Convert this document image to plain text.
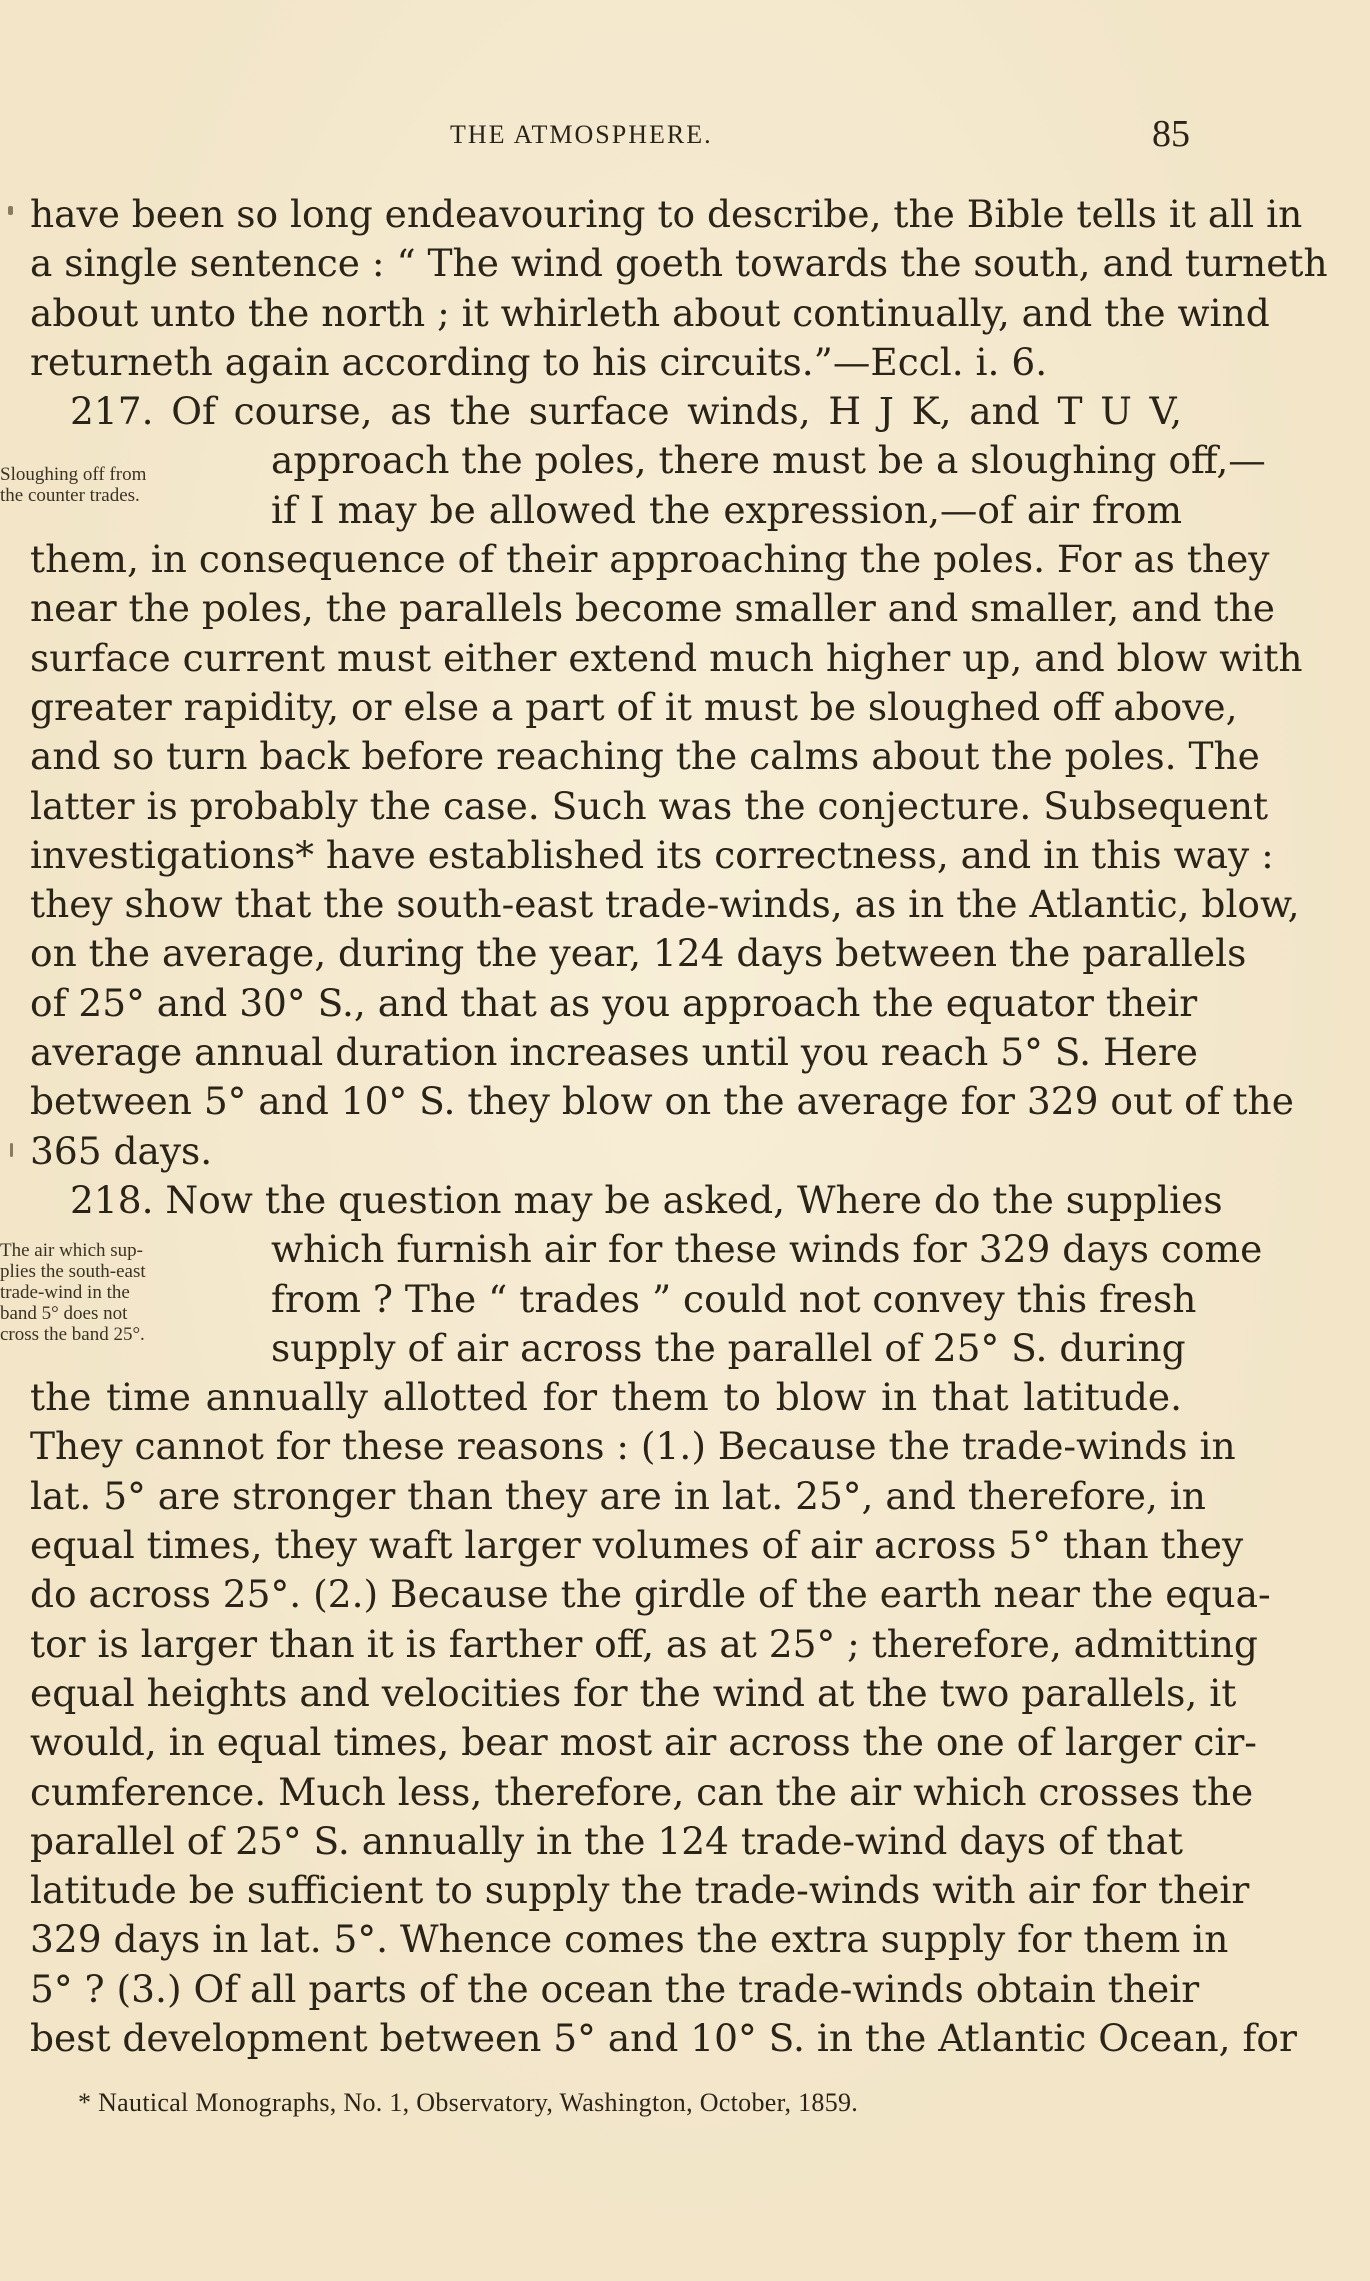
THE ATMOSPHERE.	85
Sloughing off from
the counter trades.
The air which sup-
plies the south-east
trade-wind in the
band 5° does not
cross the band 25°.
have been so long endeavouring to describe, the Bible tells it all in
a single sentence : “ The wind goeth towards the south, and turneth
about unto the north ; it whirleth about continually, and the wind
returneth again according to his circuits.”—Eccl. i. 6.
217. Of course, as the surface winds, H J K, and T U V,
approach the poles, there must be a sloughing off,—
if I may be allowed the expression,—of air from
them, in consequence of their approaching the poles. For as they
near the poles, the parallels become smaller and smaller, and the
surface current must either extend much higher up, and blow with
greater rapidity, or else a part of it must be sloughed off above,
and so turn back before reaching the calms about the poles. The
latter is probably the case. Such was the conjecture. Subsequent
investigations* have established its correctness, and in this way :
they show that the south-east trade-winds, as in the Atlantic, blow,
on the average, during the year, 124 days between the parallels
of 25° and 30° S., and that as you approach the equator their
average annual duration increases until you reach 5° S. Here
between 5° and 10° S. they blow on the average for 329 out of the
365 days.
218. Now the question may be asked, Where do the supplies
which furnish air for these winds for 329 days come
from ? The “ trades ” could not convey this fresh
supply of air across the parallel of 25° S. during
the time annually allotted for them to blow in that latitude.
They cannot for these reasons : (1.) Because the trade-winds in
lat. 5° are stronger than they are in lat. 25°, and therefore, in
equal times, they waft larger volumes of air across 5° than they
do across 25°. (2.) Because the girdle of the earth near the equa-
tor is larger than it is farther off, as at 25° ; therefore, admitting
equal heights and velocities for the wind at the two parallels, it
would, in equal times, bear most air across the one of larger cir-
cumference. Much less, therefore, can the air which crosses the
parallel of 25° S. annually in the 124 trade-wind days of that
latitude be sufficient to supply the trade-winds with air for their
329 days in lat. 5°. Whence comes the extra supply for them in
5° ? (3.) Of all parts of the ocean the trade-winds obtain their
best development between 5° and 10° S. in the Atlantic Ocean, for
* Nautical Monographs, No. 1, Observatory, Washington, October, 1859.
